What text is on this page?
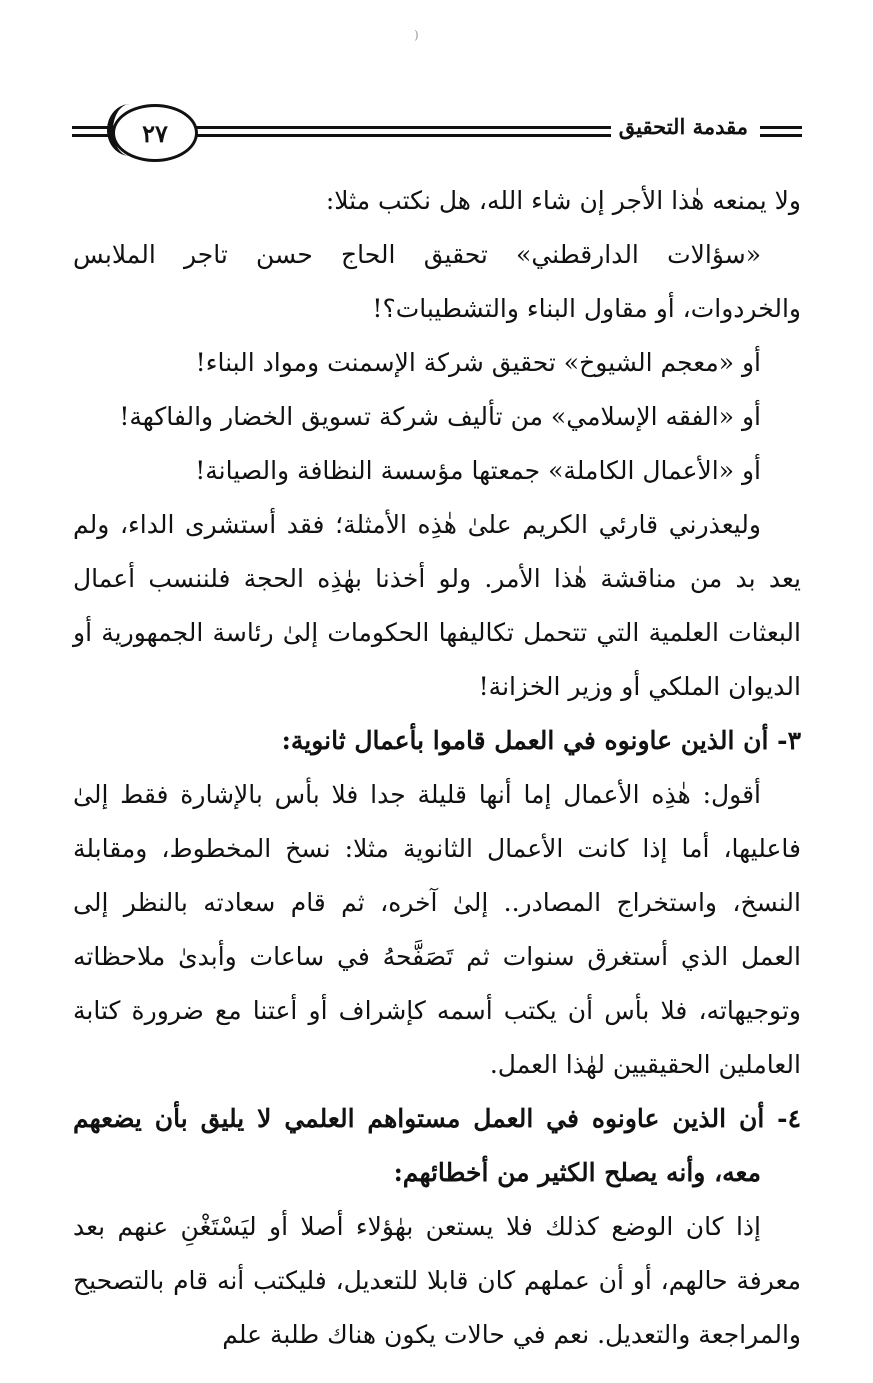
(
٢٧	مقدمة التحقيق

ولا يمنعه هٰذا الأجر إن شاء الله، هل نكتب مثلا:

«سؤالات الدارقطني» تحقيق الحاج حسن تاجر الملابس والخردوات، أو مقاول البناء والتشطيبات؟!

أو «معجم الشيوخ» تحقيق شركة الإسمنت ومواد البناء!

أو «الفقه الإسلامي» من تأليف شركة تسويق الخضار والفاكهة!

أو «الأعمال الكاملة» جمعتها مؤسسة النظافة والصيانة!

وليعذرني قارئي الكريم علىٰ هٰذِه الأمثلة؛ فقد أستشرى الداء، ولم يعد بد من مناقشة هٰذا الأمر. ولو أخذنا بهٰذِه الحجة فلننسب أعمال البعثات العلمية التي تتحمل تكاليفها الحكومات إلىٰ رئاسة الجمهورية أو الديوان الملكي أو وزير الخزانة!

٣- أن الذين عاونوه في العمل قاموا بأعمال ثانوية:

أقول: هٰذِه الأعمال إما أنها قليلة جدا فلا بأس بالإشارة فقط إلىٰ فاعليها، أما إذا كانت الأعمال الثانوية مثلا: نسخ المخطوط، ومقابلة النسخ، واستخراج المصادر.. إلىٰ آخره، ثم قام سعادته بالنظر إلى العمل الذي أستغرق سنوات ثم تَصَفَّحهُ في ساعات وأبدىٰ ملاحظاته وتوجيهاته، فلا بأس أن يكتب أسمه كإشراف أو أعتنا مع ضرورة كتابة العاملين الحقيقيين لهٰذا العمل.

٤- أن الذين عاونوه في العمل مستواهم العلمي لا يليق بأن يضعهم معه، وأنه يصلح الكثير من أخطائهم:

إذا كان الوضع كذلك فلا يستعن بهٰؤلاء أصلا أو ليَسْتَغْنِ عنهم بعد معرفة حالهم، أو أن عملهم كان قابلا للتعديل، فليكتب أنه قام بالتصحيح والمراجعة والتعديل. نعم في حالات يكون هناك طلبة علم
